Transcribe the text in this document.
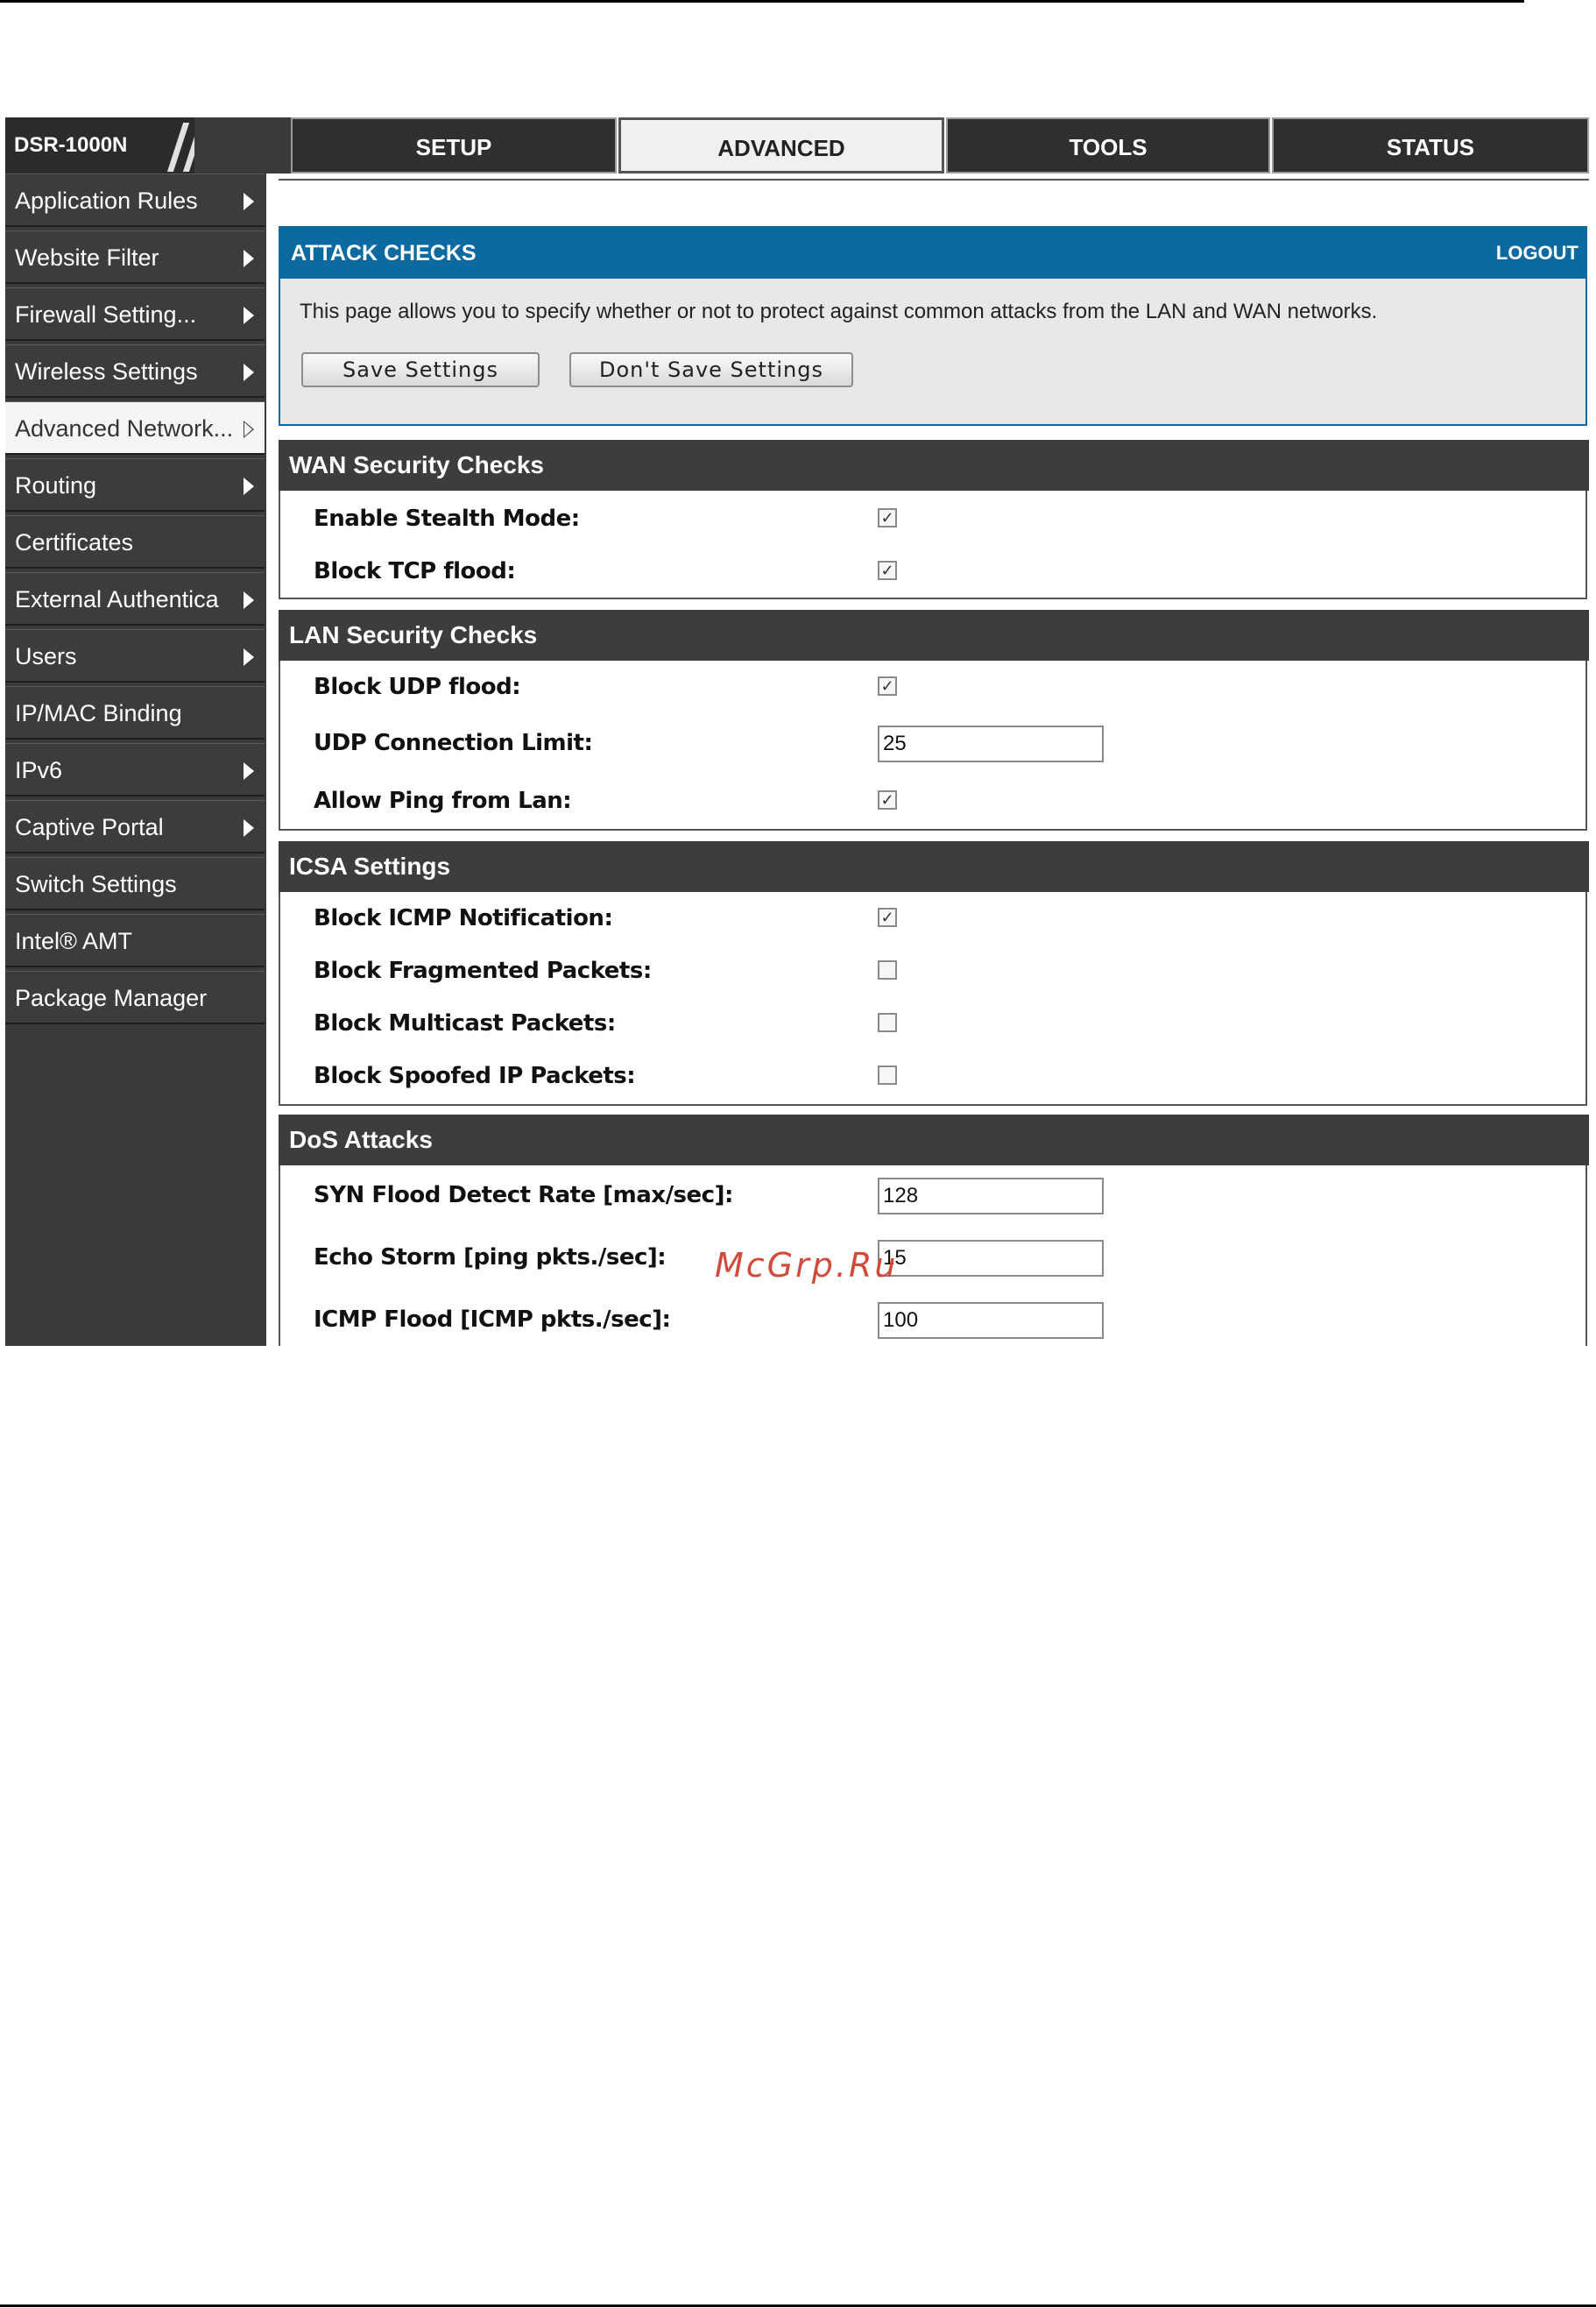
DSR-1000N	SETUP	ADVANCED	TOOLS	STATUS
Application Rules
Website Filter
Firewall Setting...
Wireless Settings
Advanced Network...
Routing
Certificates
External Authentica
Users
IP/MAC Binding
IPv6
Captive Portal
Switch Settings
Intel® AMT
Package Manager
ATTACK CHECKS	LOGOUT
This page allows you to specify whether or not to protect against common attacks from the LAN and WAN networks.
Save Settings	Don't Save Settings
WAN Security Checks
Enable Stealth Mode:	✓
Block TCP flood:	✓
LAN Security Checks
Block UDP flood:	✓
UDP Connection Limit:
25
Allow Ping from Lan:	✓
ICSA Settings
Block ICMP Notification:	✓
Block Fragmented Packets:
Block Multicast Packets:
Block Spoofed IP Packets:
DoS Attacks
SYN Flood Detect Rate [max/sec]:
128
Echo Storm [ping pkts./sec]:
15
ICMP Flood [ICMP pkts./sec]:
100
McGrp.Ru
